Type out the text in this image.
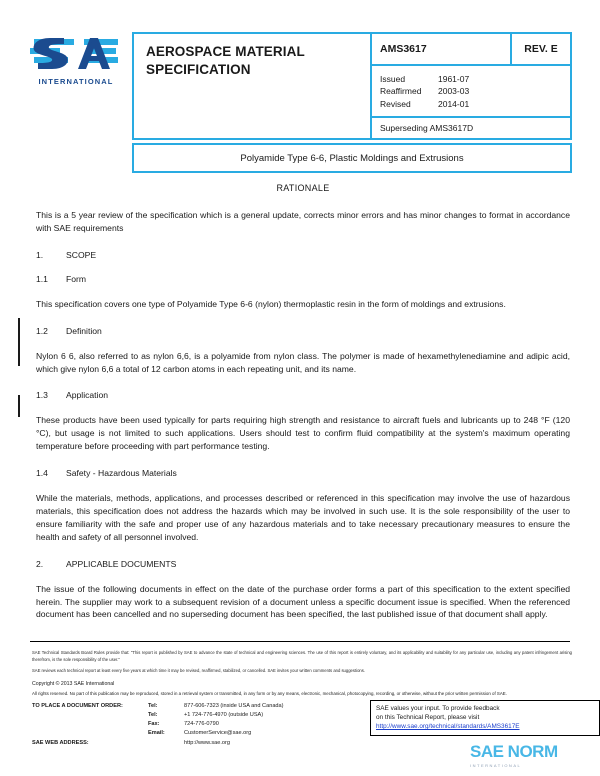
INTERNATIONAL
AEROSPACE MATERIAL
SPECIFICATION
AMS3617	REV. E
Issued	1961-07
Reaffirmed	2003-03
Revised	2014-01
Superseding AMS3617D
Polyamide Type 6-6, Plastic Moldings and Extrusions
RATIONALE

This is a 5 year review of the specification which is a general update, corrects minor errors and has minor changes to format in accordance with SAE requirements

1.	SCOPE
1.1	Form

This specification covers one type of Polyamide Type 6-6 (nylon) thermoplastic resin in the form of moldings and extrusions.

1.2	Definition

Nylon 6 6, also referred to as nylon 6,6, is a polyamide from nylon class. The polymer is made of hexamethylenediamine and adipic acid, which give nylon 6,6 a total of 12 carbon atoms in each repeating unit, and its name.

1.3	Application

These products have been used typically for parts requiring high strength and resistance to aircraft fuels and lubricants up to 248 °F (120 °C), but usage is not limited to such applications. Users should test to confirm fluid compatibility at the system's maximum operating temperature before proceeding with part performance testing.

1.4	Safety - Hazardous Materials

While the materials, methods, applications, and processes described or referenced in this specification may involve the use of hazardous materials, this specification does not address the hazards which may be involved in such use. It is the sole responsibility of the user to ensure familiarity with the safe and proper use of any hazardous materials and to take necessary precautionary measures to ensure the health and safety of all personnel involved.

2.	APPLICABLE DOCUMENTS

The issue of the following documents in effect on the date of the purchase order forms a part of this specification to the extent specified herein. The supplier may work to a subsequent revision of a document unless a specific document issue is specified. When the referenced document has been cancelled and no superseding document has been specified, the last published issue of that document shall apply.

SAE Technical Standards Board Rules provide that: "This report is published by SAE to advance the state of technical and engineering sciences. The use of this report is entirely voluntary, and its applicability and suitability for any particular use, including any patent infringement arising therefrom, is the sole responsibility of the user."

SAE reviews each technical report at least every five years at which time it may be revised, reaffirmed, stabilized, or cancelled. SAE invites your written comments and suggestions.

Copyright © 2013 SAE International

All rights reserved. No part of this publication may be reproduced, stored in a retrieval system or transmitted, in any form or by any means, electronic, mechanical, photocopying, recording, or otherwise, without the prior written permission of SAE.

TO PLACE A DOCUMENT ORDER:	Tel:	877-606-7323 (inside USA and Canada)
Tel:	+1 724-776-4970 (outside USA)
Fax:	724-776-0790
Email:	CustomerService@sae.org
SAE WEB ADDRESS:	http://www.sae.org
SAE values your input. To provide feedback
on this Technical Report, please visit
http://www.sae.org/technical/standards/AMS3617E
SAE NORM
INTERNATIONAL
